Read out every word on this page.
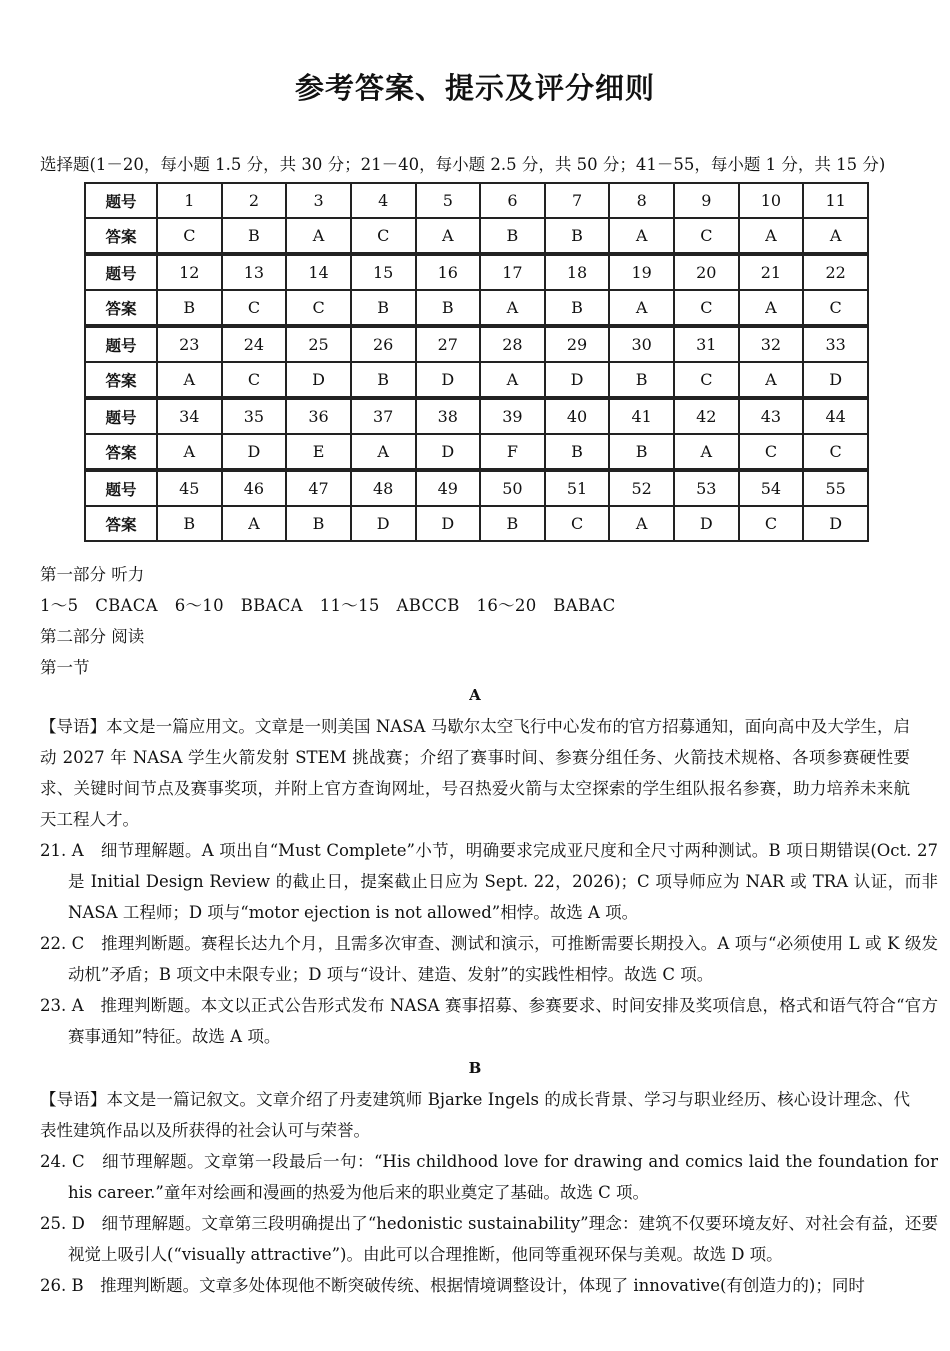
参考答案、提示及评分细则
选择题(1－20，每小题 1.5 分，共 30 分；21－40，每小题 2.5 分，共 50 分；41－55，每小题 1 分，共 15 分)
题号	1	2	3	4	5	6	7	8	9	10	11
答案	C	B	A	C	A	B	B	A	C	A	A
题号	12	13	14	15	16	17	18	19	20	21	22
答案	B	C	C	B	B	A	B	A	C	A	C
题号	23	24	25	26	27	28	29	30	31	32	33
答案	A	C	D	B	D	A	D	B	C	A	D
题号	34	35	36	37	38	39	40	41	42	43	44
答案	A	D	E	A	D	F	B	B	A	C	C
题号	45	46	47	48	49	50	51	52	53	54	55
答案	B	A	B	D	D	B	C	A	D	C	D
第一部分 听力
1～5　CBACA　6～10　BBACA　11～15　ABCCB　16～20　BABAC
第二部分 阅读
第一节
A
【导语】本文是一篇应用文。文章是一则美国 NASA 马歇尔太空飞行中心发布的官方招募通知，面向高中及大学生，启动 2027 年 NASA 学生火箭发射 STEM 挑战赛；介绍了赛事时间、参赛分组任务、火箭技术规格、各项参赛硬性要求、关键时间节点及赛事奖项，并附上官方查询网址，号召热爱火箭与太空探索的学生组队报名参赛，助力培养未来航天工程人才。
21. A　细节理解题。A 项出自“Must Complete”小节，明确要求完成亚尺度和全尺寸两种测试。B 项日期错误(Oct. 27 是 Initial Design Review 的截止日，提案截止日应为 Sept. 22，2026)；C 项导师应为 NAR 或 TRA 认证，而非 NASA 工程师；D 项与“motor ejection is not allowed”相悖。故选 A 项。
22. C　推理判断题。赛程长达九个月，且需多次审查、测试和演示，可推断需要长期投入。A 项与“必须使用 L 或 K 级发动机”矛盾；B 项文中未限专业；D 项与“设计、建造、发射”的实践性相悖。故选 C 项。
23. A　推理判断题。本文以正式公告形式发布 NASA 赛事招募、参赛要求、时间安排及奖项信息，格式和语气符合“官方赛事通知”特征。故选 A 项。
B
【导语】本文是一篇记叙文。文章介绍了丹麦建筑师 Bjarke Ingels 的成长背景、学习与职业经历、核心设计理念、代表性建筑作品以及所获得的社会认可与荣誉。
24. C　细节理解题。文章第一段最后一句：“His childhood love for drawing and comics laid the foundation for his career.”童年对绘画和漫画的热爱为他后来的职业奠定了基础。故选 C 项。
25. D　细节理解题。文章第三段明确提出了“hedonistic sustainability”理念：建筑不仅要环境友好、对社会有益，还要视觉上吸引人(“visually attractive”)。由此可以合理推断，他同等重视环保与美观。故选 D 项。
26. B　推理判断题。文章多处体现他不断突破传统、根据情境调整设计，体现了 innovative(有创造力的)；同时
